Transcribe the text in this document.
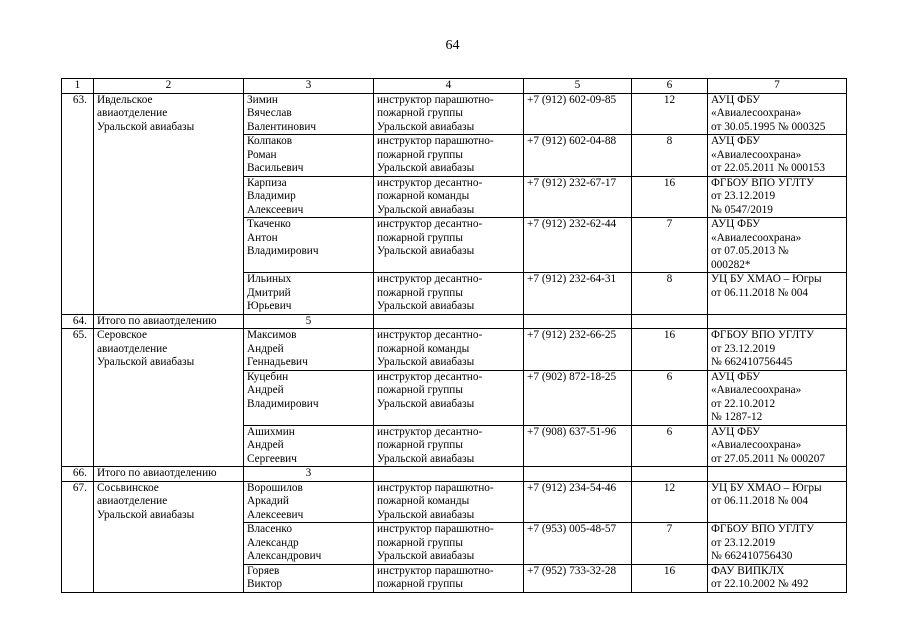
64
1	2	3	4	5	6	7
63.	Ивдельское
авиаотделение
Уральской авиабазы	Зимин
Вячеслав
Валентинович	инструктор парашютно-
пожарной группы
Уральской авиабазы	+7 (912) 602-09-85	12	АУЦ ФБУ
«Авиалесоохрана»
от 30.05.1995 № 000325
		Колпаков
Роман
Васильевич	инструктор парашютно-
пожарной группы
Уральской авиабазы	+7 (912) 602-04-88	8	АУЦ ФБУ
«Авиалесоохрана»
от 22.05.2011 № 000153
		Карпиза
Владимир
Алексеевич	инструктор десантно-
пожарной команды
Уральской авиабазы	+7 (912) 232-67-17	16	ФГБОУ ВПО УГЛТУ
от 23.12.2019
№ 0547/2019
		Ткаченко
Антон
Владимирович	инструктор десантно-
пожарной группы
Уральской авиабазы	+7 (912) 232-62-44	7	АУЦ ФБУ
«Авиалесоохрана»
от 07.05.2013 №
000282*
		Ильиных
Дмитрий
Юрьевич	инструктор десантно-
пожарной группы
Уральской авиабазы	+7 (912) 232-64-31	8	УЦ БУ ХМАО – Югры
от 06.11.2018 № 004
64.	Итого по авиаотделению	5				
65.	Серовское
авиаотделение
Уральской авиабазы	Максимов
Андрей
Геннадьевич	инструктор десантно-
пожарной команды
Уральской авиабазы	+7 (912) 232-66-25	16	ФГБОУ ВПО УГЛТУ
от 23.12.2019
№ 662410756445
		Куцебин
Андрей
Владимирович	инструктор десантно-
пожарной группы
Уральской авиабазы	+7 (902) 872-18-25	6	АУЦ ФБУ
«Авиалесоохрана»
от 22.10.2012
№ 1287-12
		Ашихмин
Андрей
Сергеевич	инструктор десантно-
пожарной группы
Уральской авиабазы	+7 (908) 637-51-96	6	АУЦ ФБУ
«Авиалесоохрана»
от 27.05.2011 № 000207
66.	Итого по авиаотделению	3				
67.	Сосьвинское
авиаотделение
Уральской авиабазы	Ворошилов
Аркадий
Алексеевич	инструктор парашютно-
пожарной команды
Уральской авиабазы	+7 (912) 234-54-46	12	УЦ БУ ХМАО – Югры
от 06.11.2018 № 004
		Власенко
Александр
Александрович	инструктор парашютно-
пожарной группы
Уральской авиабазы	+7 (953) 005-48-57	7	ФГБОУ ВПО УГЛТУ
от 23.12.2019
№ 662410756430
		Горяев
Виктор	инструктор парашютно-
пожарной группы	+7 (952) 733-32-28	16	ФАУ ВИПКЛХ
от 22.10.2002 № 492
